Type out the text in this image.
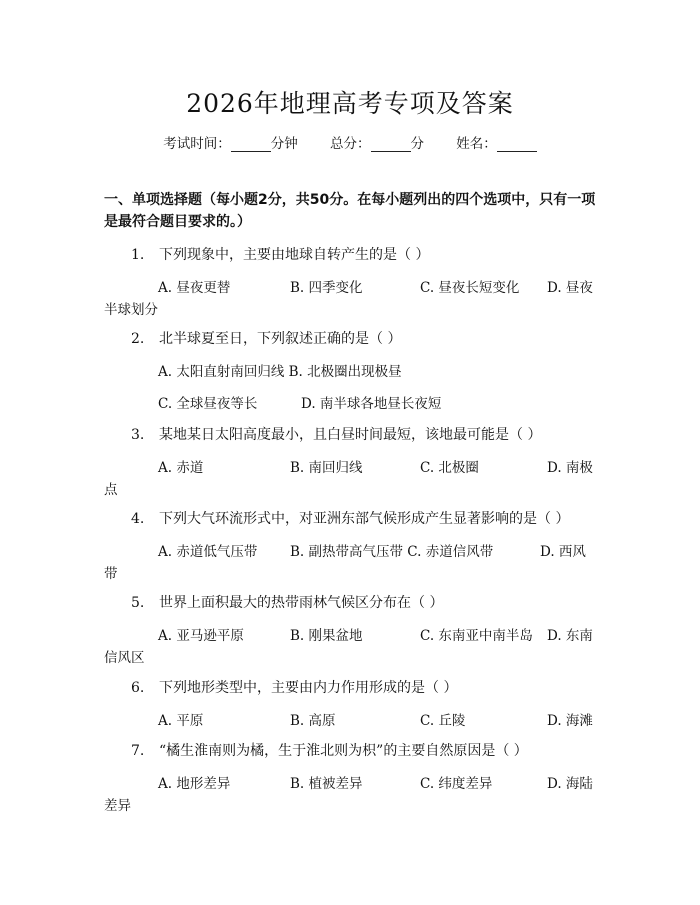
2026年地理高考专项及答案
考试时间：	分钟 总分：	分 姓名：
一、单项选择题（每小题2分，共50分。在每小题列出的四个选项中，只有一项是最符合题目要求的。）
1. 下列现象中，主要由地球自转产生的是（ ）
A. 昼夜更替	B. 四季变化	C. 昼夜长短变化 D. 昼夜
半球划分
2. 北半球夏至日，下列叙述正确的是（ ）
A. 太阳直射南回归线 B. 北极圈出现极昼
C. 全球昼夜等长	D. 南半球各地昼长夜短
3. 某地某日太阳高度最小，且白昼时间最短，该地最可能是（ ）
A. 赤道	B. 南回归线	C. 北极圈	D. 南极
点
4. 下列大气环流形式中，对亚洲东部气候形成产生显著影响的是（ ）
A. 赤道低气压带 B. 副热带高气压带 C. 赤道信风带	D. 西风
带
5. 世界上面积最大的热带雨林气候区分布在（ ）
A. 亚马逊平原	B. 刚果盆地	C. 东南亚中南半岛 D. 东南
信风区
6. 下列地形类型中，主要由内力作用形成的是（ ）
A. 平原	B. 高原	C. 丘陵	D. 海滩
7. “橘生淮南则为橘，生于淮北则为枳”的主要自然原因是（ ）
A. 地形差异	B. 植被差异	C. 纬度差异	D. 海陆
差异
